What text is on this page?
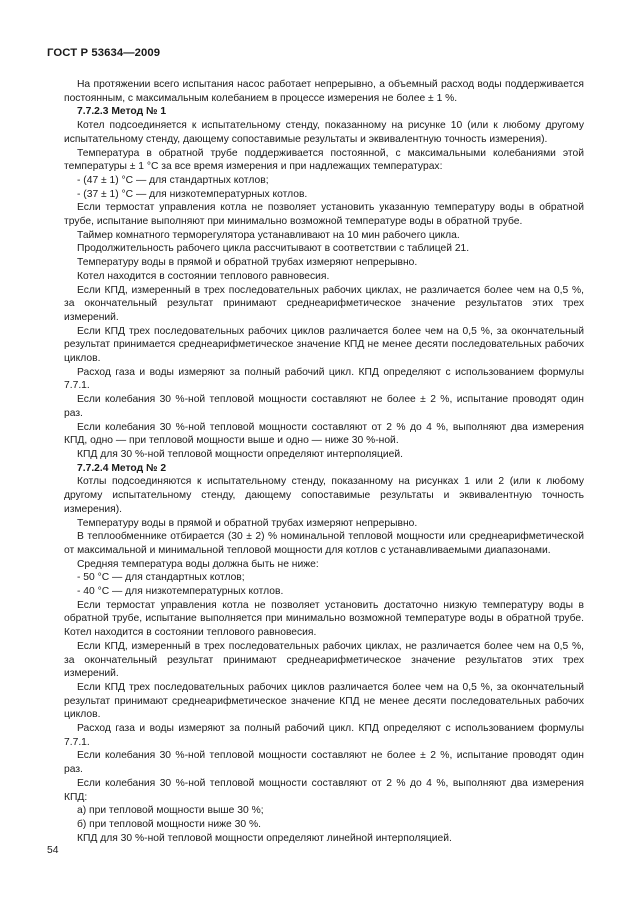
ГОСТ Р 53634—2009

На протяжении всего испытания насос работает непрерывно, а объемный расход воды поддерживается постоянным, с максимальным колебанием в процессе измерения не более ± 1 %.

7.7.2.3 Метод № 1

Котел подсоединяется к испытательному стенду, показанному на рисунке 10 (или к любому другому испытательному стенду, дающему сопоставимые результаты и эквивалентную точность измерения).

Температура в обратной трубе поддерживается постоянной, с максимальными колебаниями этой температуры ± 1 °С за все время измерения и при надлежащих температурах:

- (47 ± 1) °С — для стандартных котлов;

- (37 ± 1) °С — для низкотемпературных котлов.

Если термостат управления котла не позволяет установить указанную температуру воды в обратной трубе, испытание выполняют при минимально возможной температуре воды в обратной трубе.

Таймер комнатного терморегулятора устанавливают на 10 мин рабочего цикла.

Продолжительность рабочего цикла рассчитывают в соответствии с таблицей 21.

Температуру воды в прямой и обратной трубах измеряют непрерывно.

Котел находится в состоянии теплового равновесия.

Если КПД, измеренный в трех последовательных рабочих циклах, не различается более чем на 0,5 %, за окончательный результат принимают среднеарифметическое значение результатов этих трех измерений.

Если КПД трех последовательных рабочих циклов различается более чем на 0,5 %, за окончательный результат принимается среднеарифметическое значение КПД не менее десяти последовательных рабочих циклов.

Расход газа и воды измеряют за полный рабочий цикл. КПД определяют с использованием формулы 7.7.1.

Если колебания 30 %-ной тепловой мощности составляют не более ± 2 %, испытание проводят один раз.

Если колебания 30 %-ной тепловой мощности составляют от 2 % до 4 %, выполняют два измерения КПД, одно — при тепловой мощности выше и одно — ниже 30 %-ной.

КПД для 30 %-ной тепловой мощности определяют интерполяцией.

7.7.2.4 Метод № 2

Котлы подсоединяются к испытательному стенду, показанному на рисунках 1 или 2 (или к любому другому испытательному стенду, дающему сопоставимые результаты и эквивалентную точность измерения).

Температуру воды в прямой и обратной трубах измеряют непрерывно.

В теплообменнике отбирается (30 ± 2) % номинальной тепловой мощности или среднеарифметической от максимальной и минимальной тепловой мощности для котлов с устанавливаемыми диапазонами.

Средняя температура воды должна быть не ниже:

- 50 °С — для стандартных котлов;

- 40 °С — для низкотемпературных котлов.

Если термостат управления котла не позволяет установить достаточно низкую температуру воды в обратной трубе, испытание выполняется при минимально возможной температуре воды в обратной трубе. Котел находится в состоянии теплового равновесия.

Если КПД, измеренный в трех последовательных рабочих циклах, не различается более чем на 0,5 %, за окончательный результат принимают среднеарифметическое значение результатов этих трех измерений.

Если КПД трех последовательных рабочих циклов различается более чем на 0,5 %, за окончательный результат принимают среднеарифметическое значение КПД не менее десяти последовательных рабочих циклов.

Расход газа и воды измеряют за полный рабочий цикл. КПД определяют с использованием формулы 7.7.1.

Если колебания 30 %-ной тепловой мощности составляют не более ± 2 %, испытание проводят один раз.

Если колебания 30 %-ной тепловой мощности составляют от 2 % до 4 %, выполняют два измерения КПД:

а) при тепловой мощности выше 30 %;

б) при тепловой мощности ниже 30 %.

КПД для 30 %-ной тепловой мощности определяют линейной интерполяцией.

54
